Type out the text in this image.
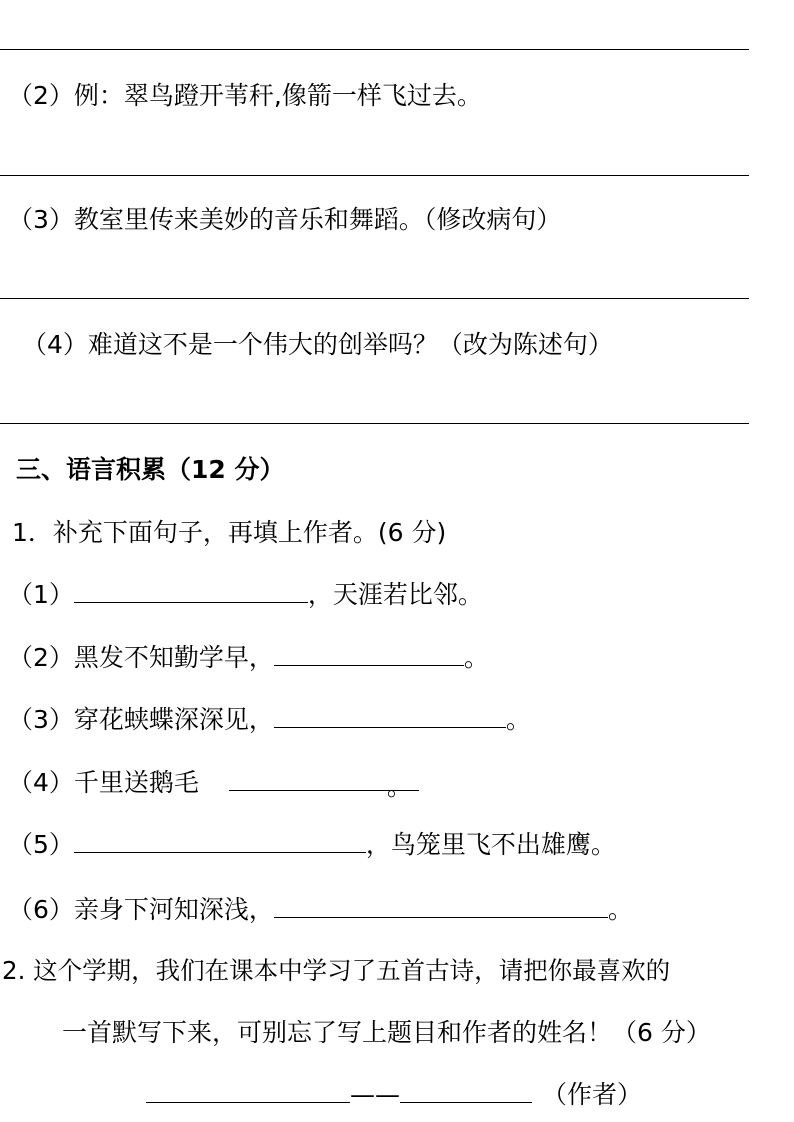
（2）例：翠鸟蹬开苇秆,像箭一样飞过去。
（3）教室里传来美妙的音乐和舞蹈。（修改病句）
（4）难道这不是一个伟大的创举吗？（改为陈述句）
三、语言积累（12 分）
1．补充下面句子，再填上作者。(6 分)
（1）	，天涯若比邻。
（2）黑发不知勤学早，	。
（3）穿花蛱蝶深深见，	。
（4）千里送鹅毛	。
（5）	，鸟笼里飞不出雄鹰。
（6）亲身下河知深浅，	。
2. 这个学期，我们在课本中学习了五首古诗，请把你最喜欢的
一首默写下来，可别忘了写上题目和作者的姓名！（6 分）
——	（作者）
